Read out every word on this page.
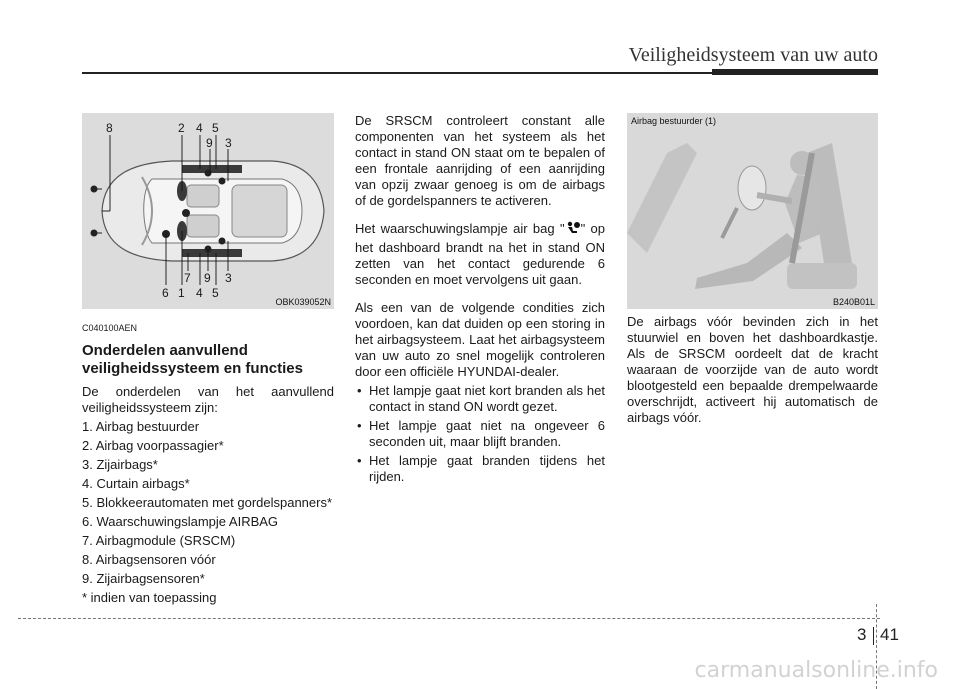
Veiligheidsysteem van uw auto
8	2 4 5
9 3
7 9 3
6 1 4 5
OBK039052N
C040100AEN
Onderdelen aanvullend veiligheidssysteem en functies

De onderdelen van het aanvullend veiligheidssysteem zijn:

1. Airbag bestuurder
2. Airbag voorpassagier*
3. Zijairbags*
4. Curtain airbags*
5. Blokkeerautomaten met gordelspanners*
6. Waarschuwingslampje AIRBAG
7. Airbagmodule (SRSCM)
8. Airbagsensoren vóór
9. Zijairbagsensoren*
* indien van toepassing

De SRSCM controleert constant alle componenten van het systeem als het contact in stand ON staat om te bepalen of een frontale aanrijding of een aanrijding van opzij zwaar genoeg is om de airbags of de gordelspanners te activeren.

Het waarschuwingslampje air bag " " op het dashboard brandt na het in stand ON zetten van het contact gedurende 6 seconden en moet vervolgens uit gaan.

Als een van de volgende condities zich voordoen, kan dat duiden op een storing in het airbagsysteem. Laat het airbagsysteem van uw auto zo snel mogelijk controleren door een officiële HYUNDAI-dealer.

• Het lampje gaat niet kort branden als het contact in stand ON wordt gezet.
• Het lampje gaat niet na ongeveer 6 seconden uit, maar blijft branden.
• Het lampje gaat branden tijdens het rijden.
Airbag bestuurder (1)
B240B01L

De airbags vóór bevinden zich in het stuurwiel en boven het dashboardkastje. Als de SRSCM oordeelt dat de kracht waaraan de voorzijde van de auto wordt blootgesteld een bepaalde drempelwaarde overschrijdt, activeert hij automatisch de airbags vóór.

3 41
carmanualsonline.info
